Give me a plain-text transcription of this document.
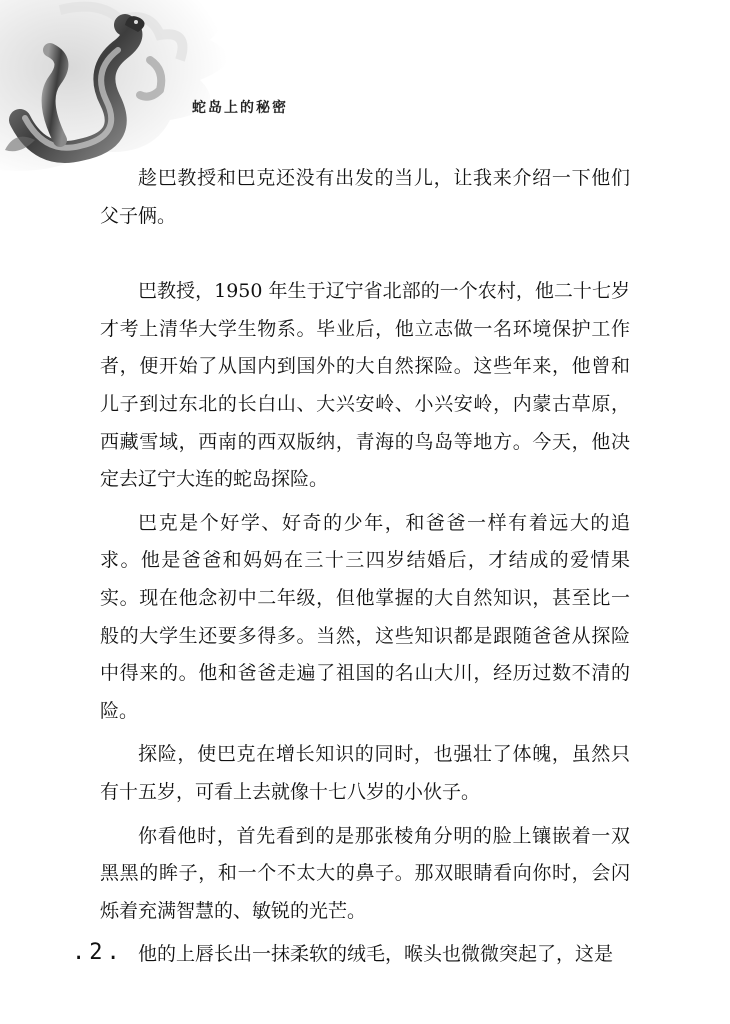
蛇岛上的秘密

趁巴教授和巴克还没有出发的当儿，让我来介绍一下他们父子俩。

巴教授，1950 年生于辽宁省北部的一个农村，他二十七岁才考上清华大学生物系。毕业后，他立志做一名环境保护工作者，便开始了从国内到国外的大自然探险。这些年来，他曾和儿子到过东北的长白山、大兴安岭、小兴安岭，内蒙古草原，西藏雪域，西南的西双版纳，青海的鸟岛等地方。今天，他决定去辽宁大连的蛇岛探险。

巴克是个好学、好奇的少年，和爸爸一样有着远大的追求。他是爸爸和妈妈在三十三四岁结婚后，才结成的爱情果实。现在他念初中二年级，但他掌握的大自然知识，甚至比一般的大学生还要多得多。当然，这些知识都是跟随爸爸从探险中得来的。他和爸爸走遍了祖国的名山大川，经历过数不清的险。

探险，使巴克在增长知识的同时，也强壮了体魄，虽然只有十五岁，可看上去就像十七八岁的小伙子。

你看他时，首先看到的是那张棱角分明的脸上镶嵌着一双黑黑的眸子，和一个不太大的鼻子。那双眼睛看向你时，会闪烁着充满智慧的、敏锐的光芒。

他的上唇长出一抹柔软的绒毛，喉头也微微突起了，这是

.2.
